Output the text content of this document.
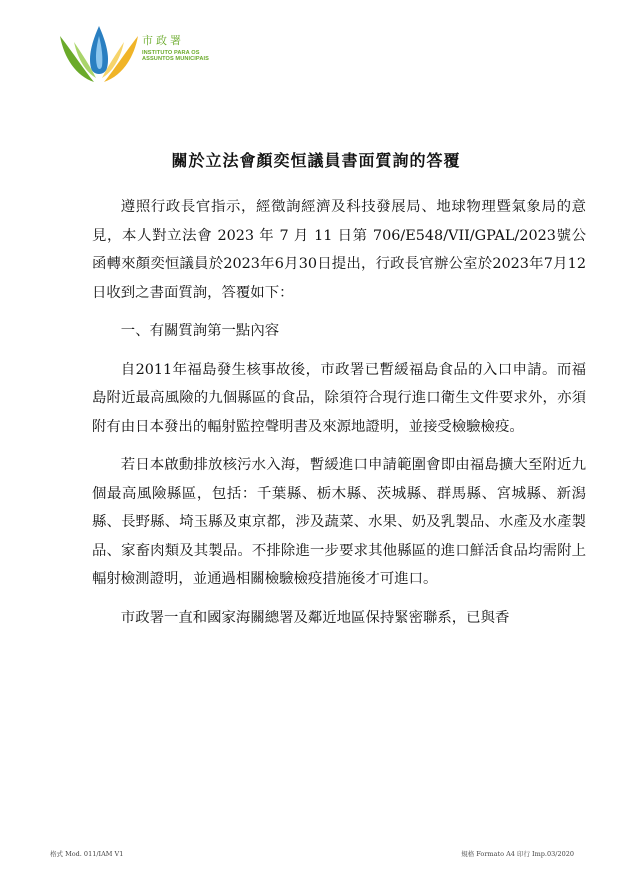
市政署
INSTITUTO PARA OS
ASSUNTOS MUNICIPAIS
關於立法會顏奕恒議員書面質詢的答覆

遵照行政長官指示，經徵詢經濟及科技發展局、地球物理暨氣象局的意見，本人對立法會 2023 年 7 月 11 日第 706/E548/VII/GPAL/2023號公函轉來顏奕恒議員於2023年6月30日提出，行政長官辦公室於2023年7月12日收到之書面質詢，答覆如下：

一、有關質詢第一點內容

自2011年福島發生核事故後，市政署已暫緩福島食品的入口申請。而福島附近最高風險的九個縣區的食品，除須符合現行進口衛生文件要求外，亦須附有由日本發出的輻射監控聲明書及來源地證明，並接受檢驗檢疫。

若日本啟動排放核污水入海，暫緩進口申請範圍會即由福島擴大至附近九個最高風險縣區，包括：千葉縣、栃木縣、茨城縣、群馬縣、宮城縣、新潟縣、長野縣、埼玉縣及東京都，涉及蔬菜、水果、奶及乳製品、水產及水產製品、家畜肉類及其製品。不排除進一步要求其他縣區的進口鮮活食品均需附上輻射檢測證明，並通過相關檢驗檢疫措施後才可進口。

市政署一直和國家海關總署及鄰近地區保持緊密聯系，已與香

格式 Mod. 011/IAM V1	規格 Formato A4 印行 Imp.03/2020
